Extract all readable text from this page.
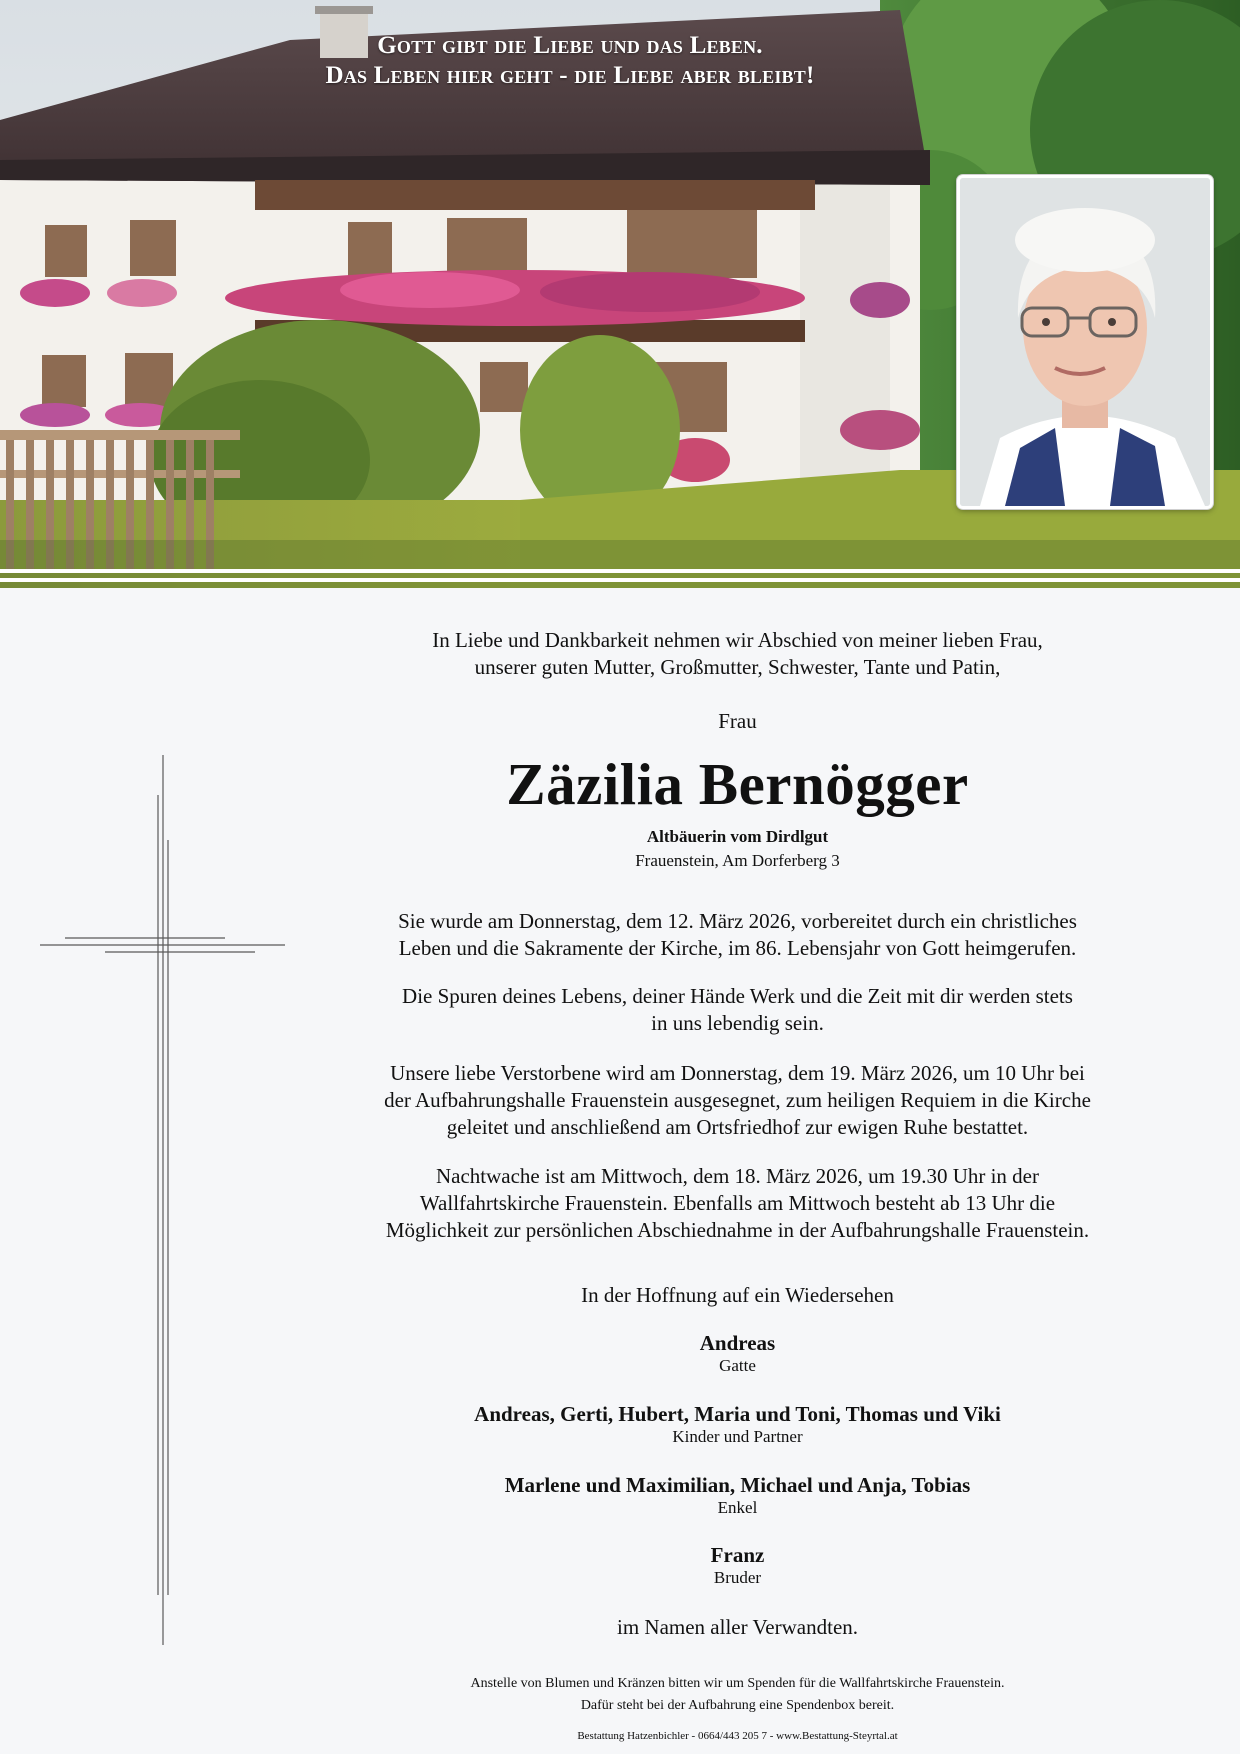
Gott gibt die Liebe und das Leben.
Das Leben hier geht - die Liebe aber bleibt!
In Liebe und Dankbarkeit nehmen wir Abschied von meiner lieben Frau,
unserer guten Mutter, Großmutter, Schwester, Tante und Patin,
Frau
Zäzilia Bernögger
Altbäuerin vom Dirdlgut
Frauenstein, Am Dorferberg 3
Sie wurde am Donnerstag, dem 12. März 2026, vorbereitet durch ein christliches
Leben und die Sakramente der Kirche, im 86. Lebensjahr von Gott heimgerufen.
Die Spuren deines Lebens, deiner Hände Werk und die Zeit mit dir werden stets
in uns lebendig sein.
Unsere liebe Verstorbene wird am Donnerstag, dem 19. März 2026, um 10 Uhr bei
der Aufbahrungshalle Frauenstein ausgesegnet, zum heiligen Requiem in die Kirche
geleitet und anschließend am Ortsfriedhof zur ewigen Ruhe bestattet.
Nachtwache ist am Mittwoch, dem 18. März 2026, um 19.30 Uhr in der
Wallfahrtskirche Frauenstein. Ebenfalls am Mittwoch besteht ab 13 Uhr die
Möglichkeit zur persönlichen Abschiednahme in der Aufbahrungshalle Frauenstein.
In der Hoffnung auf ein Wiedersehen
Andreas
Gatte
Andreas, Gerti, Hubert, Maria und Toni, Thomas und Viki
Kinder und Partner
Marlene und Maximilian, Michael und Anja, Tobias
Enkel
Franz
Bruder
im Namen aller Verwandten.
Anstelle von Blumen und Kränzen bitten wir um Spenden für die Wallfahrtskirche Frauenstein.
Dafür steht bei der Aufbahrung eine Spendenbox bereit.
Bestattung Hatzenbichler - 0664/443 205 7 - www.Bestattung-Steyrtal.at
